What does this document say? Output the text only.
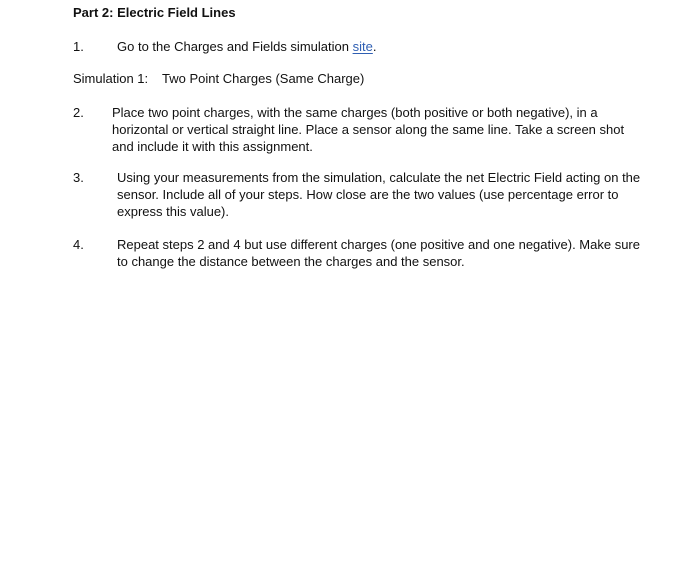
Part 2: Electric Field Lines
1.	Go to the Charges and Fields simulation site.
Simulation 1: Two Point Charges (Same Charge)
2. Place two point charges, with the same charges (both positive or both negative), in a horizontal or vertical straight line. Place a sensor along the same line. Take a screen shot and include it with this assignment.
3.	Using your measurements from the simulation, calculate the net Electric Field acting on the sensor. Include all of your steps. How close are the two values (use percentage error to express this value).
4.	Repeat steps 2 and 4 but use different charges (one positive and one negative). Make sure to change the distance between the charges and the sensor.
